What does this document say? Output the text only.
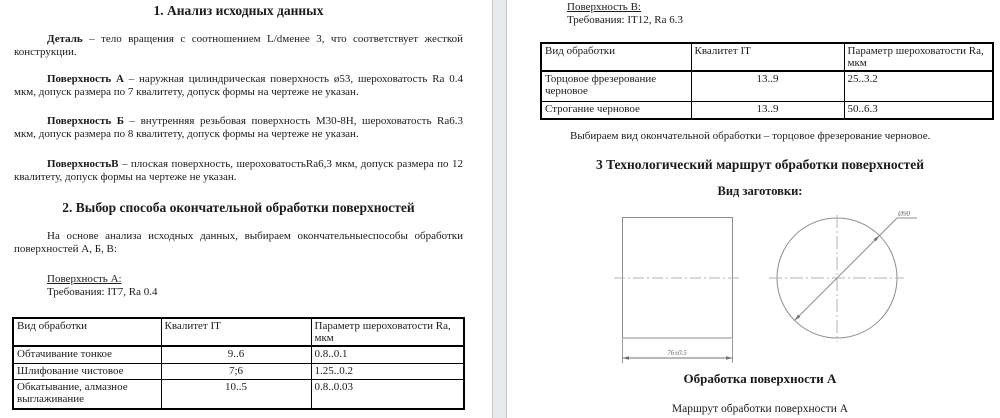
1. Анализ исходных данных

Деталь – тело вращения с соотношением L/dменее 3, что соответствует жесткой конструкции.

Поверхность А – наружная цилиндрическая поверхность ø53, шероховатость Ra 0.4 мкм, допуск размера по 7 квалитету, допуск формы на чертеже не указан.

Поверхность Б – внутренняя резьбовая поверхность М30-8Н, шероховатость Ra6.3 мкм, допуск размера по 8 квалитету, допуск формы на чертеже не указан.

ПоверхностьВ – плоская поверхность, шероховатостьRa6,3 мкм, допуск размера по 12 квалитету, допуск формы на чертеже не указан.

2. Выбор способа окончательной обработки поверхностей

На основе анализа исходных данных, выбираем окончательныеспособы обработки поверхностей А, Б, В:

Поверхность А:
Требования: IT7, Ra 0.4
Вид обработки	Квалитет IT	Параметр шероховатости Ra, мкм
Обтачивание тонкое	9..6	0.8..0.1
Шлифование чистовое	7;6	1.25..0.2
Обкатывание, алмазное выглаживание	10..5	0.8..0.03
Поверхность В:
Требования: IT12, Ra 6.3
Вид обработки	Квалитет IT	Параметр шероховатости Ra, мкм
Торцовое фрезерование черновое	13..9	25..3.2
Строгание черновое	13..9	50..6.3

Выбираем вид окончательной обработки – торцовое фрезерование черновое.

3 Технологический маршрут обработки поверхностей
Вид заготовки:
76±0.5
Ø90
Обработка поверхности А
Маршрут обработки поверхности А
